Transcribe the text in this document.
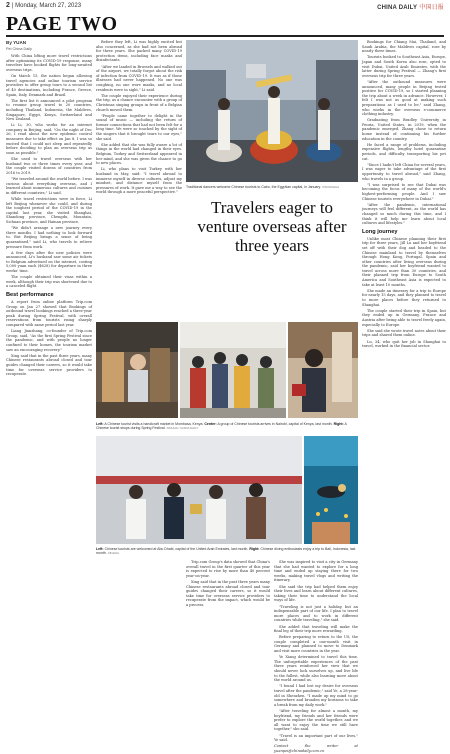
2 | Monday, March 27, 2023	CHINA DAILY 中国日报
PAGE TWO

By YUAN

Pei China Daily

With China lifting more travel restrictions after optimizing its COVID-19 response, many travelers have booked flights for long-awaited overseas trips.

On March 15, the nation began allowing travel agencies and online tourism service providers to offer group tours to a second list of 40 destinations, including France, Greece, Spain, Italy, Denmark and Brazil.

The first list it announced a pilot program to resume group travel to 20 countries, including Thailand, Indonesia, the Maldives, Singapore, Egypt, Kenya, Switzerland and New Zealand.

Li Li, 30, who works for an internet company in Beijing, said, "On the night of Dec 26, I read about the new epidemic control measures due to take effect on Jan 8. I was so excited that I could not sleep and repeatedly before deciding to plan an overseas trip as soon as possible."

She used to travel overseas with her husband two or three times every year, and the couple visited dozens of countries from 2016 to 2019.

"We traveled around the world before. I was curious about everything overseas, and I learned about numerous cultures and cuisines in different countries," Li said.

While travel restrictions were in force, Li left Beijing whenever she could, and during the toughest period of the COVID-19 in the capital last year, she visited Shanghai, Shandong province, Chengdu, Mountain, Sichuan province, and Hainan province.

"We didn't arrange a new journey every three months. I had nothing to look forward to. But Beijing brings a sense of being quarantined," said Li, who travels to relieve pressure from work.

A few days after the new policies were announced, Li's husband saw some air tickets to Belgium advertised on the internet, costing 5,000 yuan each ($628) for departure in three weeks' time.

The couple obtained their visas within a week, although their trip was shortened due to a canceled flight.

Best performance

A report from online platform Trip.com Group on Jan 27 showed that Bookings of outbound travel bookings reached a three-year peak during Spring Festival, with overall reservations from tourists rising sharply compared with same period last year.

Liang Jianzhang, co-founder of Trip.com Group, said, "As the first Spring Festival since the pandemic, and with people no longer confined to their homes, the tourism market saw an encouraging recovery."

Xing said that in the past three years, many Chinese restaurants abroad closed and tour guides changed their careers, so it would take time for overseas service providers to recuperate.

Before they left, Li was highly excited but also concerned, as she had not been abroad for three years. She packed many COVID-19 protection items, including face masks and disinfectants.

"After we landed in Brussels and walked out of the airport, we totally forgot about the risk of infection from COVID-19. It was as if those illnesses had never happened. No one was coughing, no one wore masks, and no local residents were in sight," Li said.

The couple enjoyed their experience during the trip, as a chance encounter with a group of Christmas singing groups in front of a Belgian church moved them.

"People came together to delight in the sound of music — including the return of former connections that had not been felt for a long time. We were so touched by the sight of the singers that it brought tears to our eyes," she said.

She added that she was fully aware a lot of things in the world had changed in their eyes. Belgium, Turkey and Switzerland appeared in her mind, and she was given the chance to go to new places.

Li, who plans to visit Turkey with her husband in May, said: "I travel abroad to immerse myself in diverse cultures, adjust my mindset, and distance myself from the pressures of work. It gave me a way to see the world through a more peaceful perspective."

Traditional dancers welcome Chinese tourists to Cairo, the Egyptian capital, in January. XIN/XINHUA
Travelers eager to venture overseas after three years

Bookings for Chiang Mai, Thailand, and Saudi Arabia, the Maldives capital, rose by nearly three times.

Tourists booked to Southeast Asia, Europe, Japan and South Korea also rose, opted to visit Dubai, United Arab Emirates, with the latter during Spring Festival — Zhang's first overseas trip for three years.

"After the outbound measures were announced, many people in Beijing tested positive for COVID-19, so I started planning the trip about a week in advance. However, I felt I was not as good at making such preparations as I used to be," said Zhang, who works in the overseas e-commerce clothing industry.

Graduating from Bradley University in Peoria, United States, in 2019, when the pandemic emerged, Zhang chose to return home instead of continuing his further education in the country.

He faced a range of problems, including expensive flights, lengthy hotel quarantine periods, and difficulty transporting his pet cat.

"Since I hadn't left China for several years, I was eager to take advantage of the first opportunity to travel abroad," said Zhang, who travels in a group.

"I was surprised to see that Dubai was becoming the focus of many of the world's highest-performing people. And I saw Chinese tourists everywhere in Dubai."

"After the pandemic, international journeys will feel different, as the world has changed so much during this time, and I think it will help me learn about local cultures and lifestyles."

Long journey

Unlike most Chinese planning their first trip for three years, Jill Lu and her boyfriend set off with their dog and headed to the Chinese mainland to travel by themselves through Hong Kong, Portugal, Spain and other countries after living overseas during the pandemic, said her boyfriend wanted to travel across more than 30 countries, and their planned trip from Europe to South America and Southeast Asia is expected to take at least 10 months.

She made an itinerary for a trip to Europe for nearly 15 days, and they planned to travel to more places before they returned to Shanghai.

The couple started their trip in Spain, but they ended up in Germany, France and Austria after being able to travel freely again, especially to Europe.

She said she wrote travel notes about their trips and shared them online.

Lu, 34, who quit her job in Shanghai to travel, worked in the financial sector.

Left: A Chinese tourist visits a handicraft market in Mombasa, Kenya. Center: A group of Chinese tourists arrives in Nairobi, capital of Kenya, last month. Right: A Chinese tourist shops during Spring Festival. XINHUA / CHINA DAILY
Left: Chinese tourists are welcomed at Abu Dhabi, capital of the United Arab Emirates, last month. Right: Chinese diving enthusiasts enjoy a trip to Bali, Indonesia, last month. XINHUA

Trip.com Group's data showed that China's overall travel in the first quarter of this year is expected to rise by more than 40 percent year-on-year.

Xing said that in the past three years many Chinese restaurants abroad closed and tour guides changed their careers, so it would take time for overseas service providers to recuperate from the impact, which would be a process.

She was inspired to visit a city in Germany that she had wanted to explore for a long time and ended up staying there for two weeks, making travel vlogs and writing the itinerary.

She said the trip had helped them enjoy their lives and learn about different cultures, taking their time to understand the local ways of life.

"Traveling is not just a holiday, but an indispensable part of our life. I plan to travel more places and to work in different countries while traveling," she said.

She added that traveling will make the final leg of their trip more rewarding.

Before preparing to return to the US, the couple completed a one-month visit in Germany and planned to move to Denmark and visit more countries in the year.

Ye Xiang determined to travel this time. The unforgettable experiences of the past three years reinforced her view that we should never lock ourselves up, and live life to the fullest, while also learning more about the world around us.

"I found I had lost my desire for overseas travel after the pandemic," said Ye, a 28-year-old in Shenzhen. "I made up my mind to go somewhere and broaden my horizons to take a break from my daily work."

"After traveling for almost a month, my boyfriend, my friends and her friends were prefer to explore the world together, and we all want to enjoy the time we still have together," she said.

"Travel is an important part of our lives," Ye said.

Contact the writer at yuanpei@chinadaily.com.cn
